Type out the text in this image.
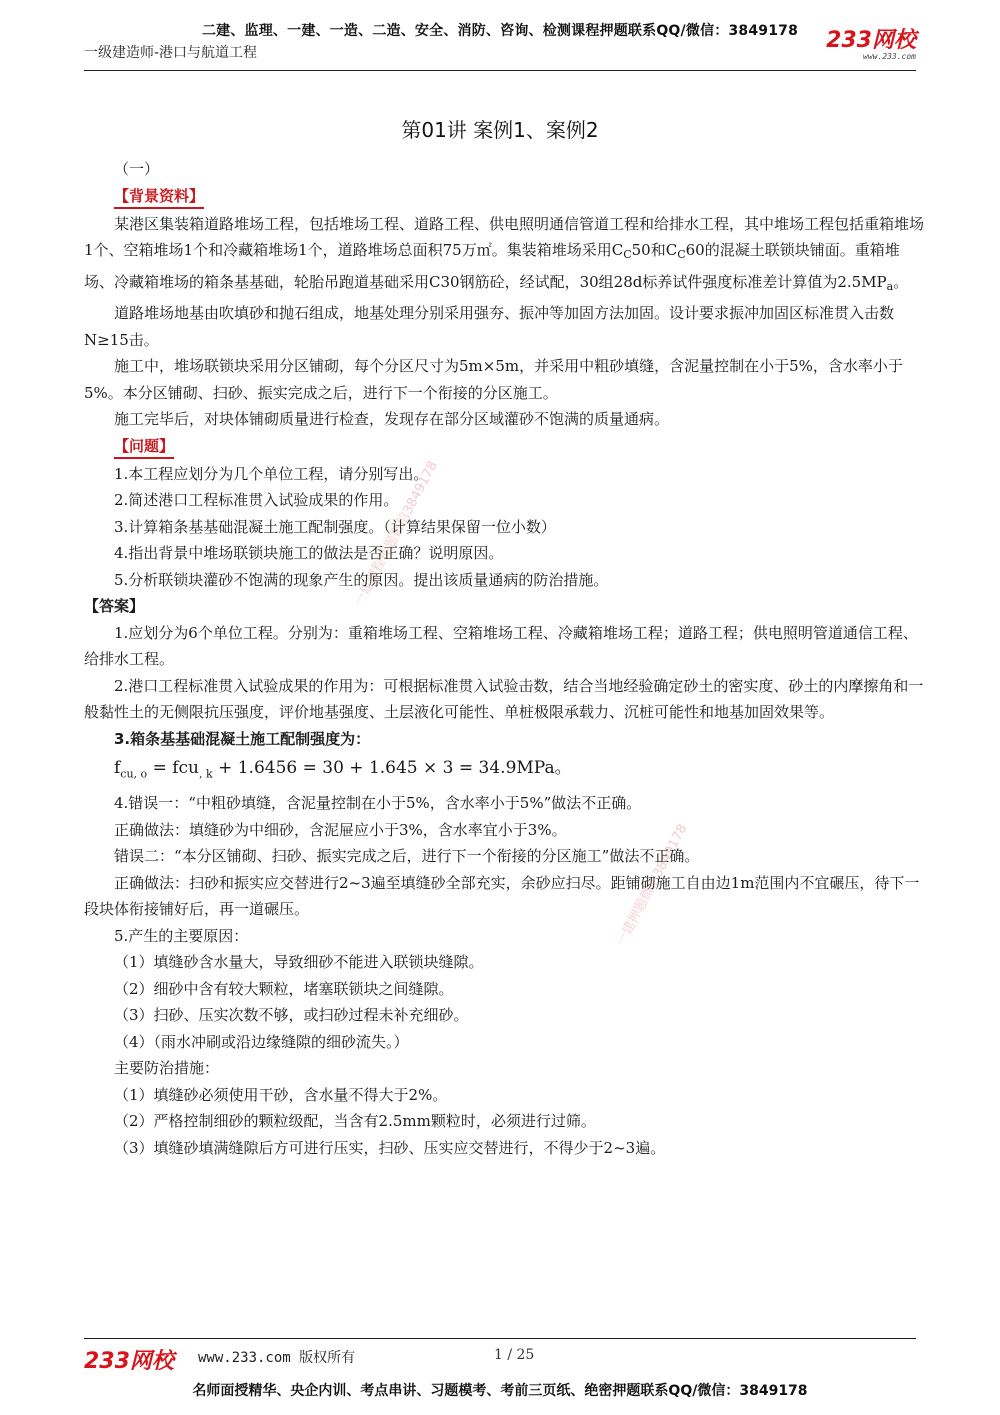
二建、监理、一建、一造、二造、安全、消防、咨询、检测课程押题联系QQ/微信：3849178
一级建造师-港口与航道工程	233网校
www.233.com
第01讲 案例1、案例2
一建课程押题微信3849178
一建押题微信3849178

（一）

【背景资料】

某港区集装箱道路堆场工程，包括堆场工程、道路工程、供电照明通信管道工程和给排水工程，其中堆场工程包括重箱堆场1个、空箱堆场1个和冷藏箱堆场1个，道路堆场总面积75万㎡。集装箱堆场采用$C_C50$和$C_C60$的混凝土联锁块铺面。重箱堆场、冷藏箱堆场的箱条基基础，轮胎吊跑道基础采用C30钢筋砼，经试配，30组28d标养试件强度标准差计算值为$2.5MP_a$。

道路堆场地基由吹填砂和抛石组成，地基处理分别采用强夯、振冲等加固方法加固。设计要求振冲加固区标准贯入击数N≥15击。

施工中，堆场联锁块采用分区铺砌，每个分区尺寸为5m×5m，并采用中粗砂填缝，含泥量控制在小于5%，含水率小于5%。本分区铺砌、扫砂、振实完成之后，进行下一个衔接的分区施工。

施工完毕后，对块体铺砌质量进行检查，发现存在部分区域灌砂不饱满的质量通病。

【问题】

1.本工程应划分为几个单位工程，请分别写出。

2.简述港口工程标准贯入试验成果的作用。

3.计算箱条基基础混凝土施工配制强度。（计算结果保留一位小数）

4.指出背景中堆场联锁块施工的做法是否正确？说明原因。

5.分析联锁块灌砂不饱满的现象产生的原因。提出该质量通病的防治措施。

【答案】

1.应划分为6个单位工程。分别为：重箱堆场工程、空箱堆场工程、冷藏箱堆场工程；道路工程；供电照明管道通信工程、给排水工程。

2.港口工程标准贯入试验成果的作用为：可根据标准贯入试验击数，结合当地经验确定砂土的密实度、砂土的内摩擦角和一般黏性土的无侧限抗压强度，评价地基强度、土层液化可能性、单桩极限承载力、沉桩可能性和地基加固效果等。

3.箱条基基础混凝土施工配制强度为：

$f_{cu, o} = fcu_{, k} + 1.6456 = 30 + 1.645 \times 3 = 34.9MPa$。

4.错误一：“中粗砂填缝，含泥量控制在小于5%，含水率小于5%”做法不正确。

正确做法：填缝砂为中细砂，含泥屉应小于3%，含水率宜小于3%。

错误二：“本分区铺砌、扫砂、振实完成之后，进行下一个衔接的分区施工”做法不正确。

正确做法：扫砂和振实应交替进行2~3遍至填缝砂全部充实，余砂应扫尽。距铺砌施工自由边1m范围内不宜碾压，待下一段块体衔接铺好后，再一道碾压。

5.产生的主要原因：

（1）填缝砂含水量大，导致细砂不能进入联锁块缝隙。

（2）细砂中含有较大颗粒，堵塞联锁块之间缝隙。

（3）扫砂、压实次数不够，或扫砂过程未补充细砂。

（4）（雨水冲刷或沿边缘缝隙的细砂流失。）

主要防治措施：

（1）填缝砂必须使用干砂，含水量不得大于2%。

（2）严格控制细砂的颗粒级配，当含有2.5mm颗粒时，必须进行过筛。

（3）填缝砂填满缝隙后方可进行压实，扫砂、压实应交替进行，不得少于2~3遍。

233网校 www.233.com 版权所有	1 / 25
名师面授精华、央企内训、考点串讲、习题模考、考前三页纸、绝密押题联系QQ/微信：3849178
